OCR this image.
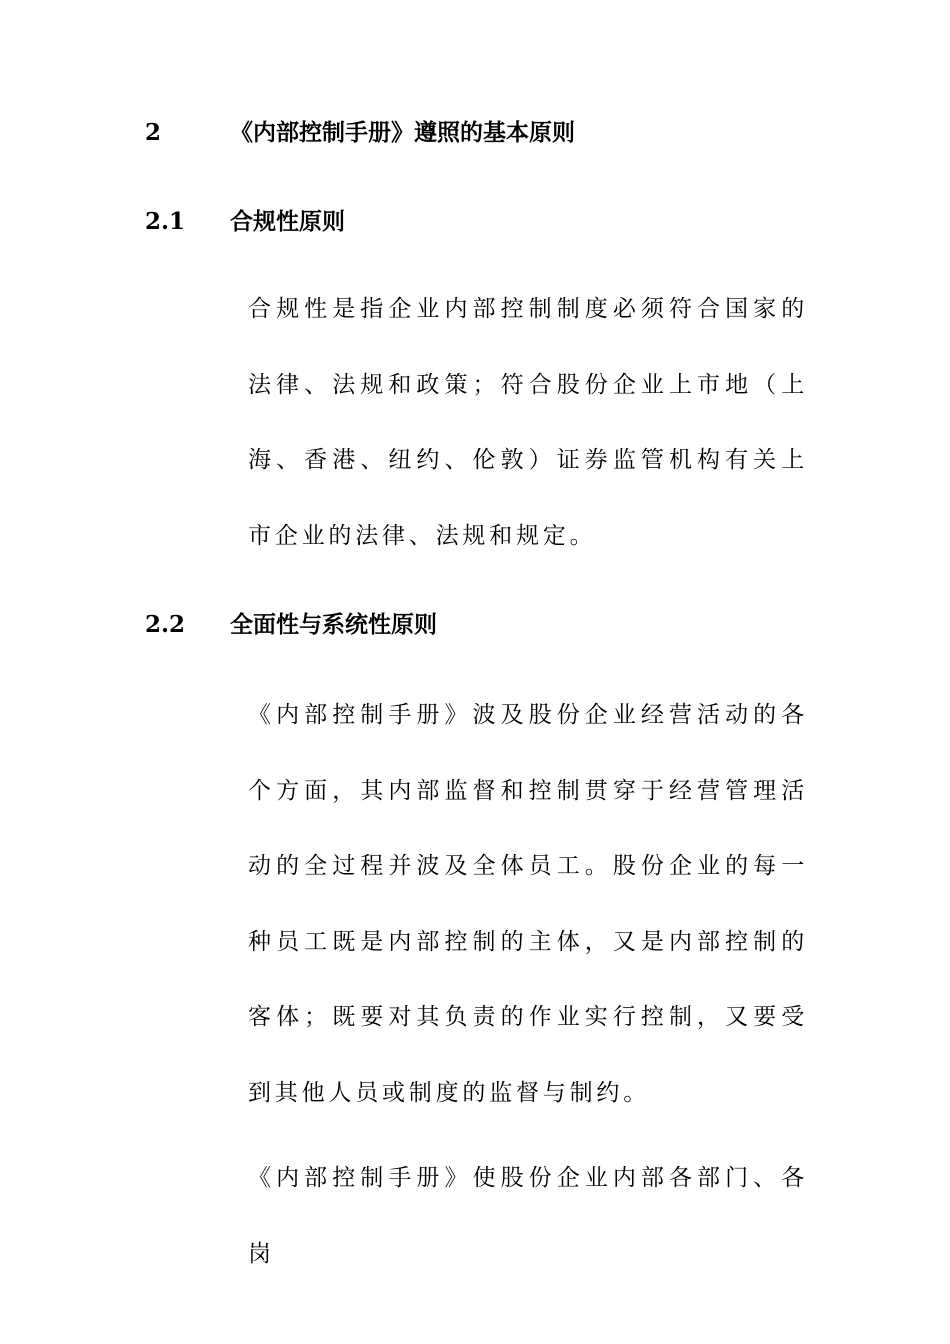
2	《内部控制手册》遵照的基本原则
2.1 合规性原则

合规性是指企业内部控制制度必须符合国家的法律、法规和政策；符合股份企业上市地（上海、香港、纽约、伦敦）证券监管机构有关上市企业的法律、法规和规定。

2.2 全面性与系统性原则

《内部控制手册》波及股份企业经营活动的各个方面，其内部监督和控制贯穿于经营管理活动的全过程并波及全体员工。股份企业的每一种员工既是内部控制的主体，又是内部控制的客体；既要对其负责的作业实行控制，又要受到其他人员或制度的监督与制约。

《内部控制手册》使股份企业内部各部门、各岗
